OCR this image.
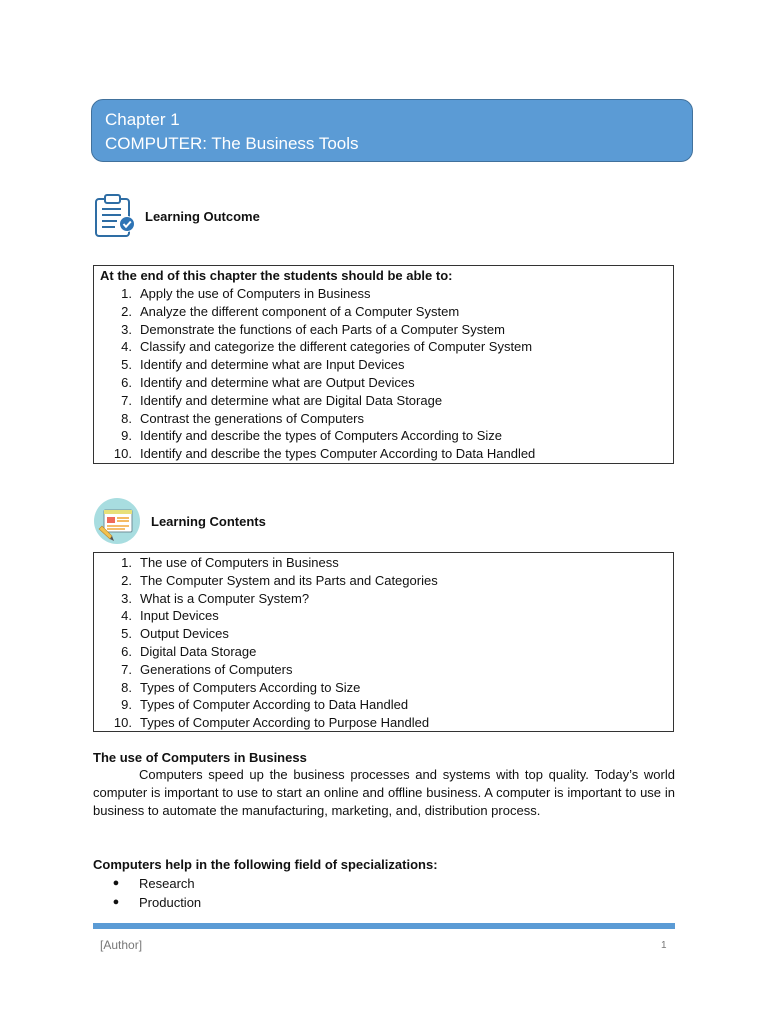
Chapter 1
COMPUTER: The Business Tools
Learning Outcome
At the end of this chapter the students should be able to:
1. Apply the use of Computers in Business
2. Analyze the different component of a Computer System
3. Demonstrate the functions of each Parts of a Computer System
4. Classify and categorize the different categories of Computer System
5. Identify and determine what are Input Devices
6. Identify and determine what are Output Devices
7. Identify and determine what are Digital Data Storage
8. Contrast the generations of Computers
9. Identify and describe the types of Computers According to Size
10. Identify and describe the types Computer According to Data Handled
Learning Contents
1. The use of Computers in Business
2. The Computer System and its Parts and Categories
3. What is a Computer System?
4. Input Devices
5. Output Devices
6. Digital Data Storage
7. Generations of Computers
8. Types of Computers According to Size
9. Types of Computer According to Data Handled
10. Types of Computer According to Purpose Handled
The use of Computers in Business
Computers speed up the business processes and systems with top quality. Today’s world computer is important to use to start an online and offline business. A computer is important to use in business to automate the manufacturing, marketing, and, distribution process.
Computers help in the following field of specializations:
●	Research
●	Production
[Author]	1
